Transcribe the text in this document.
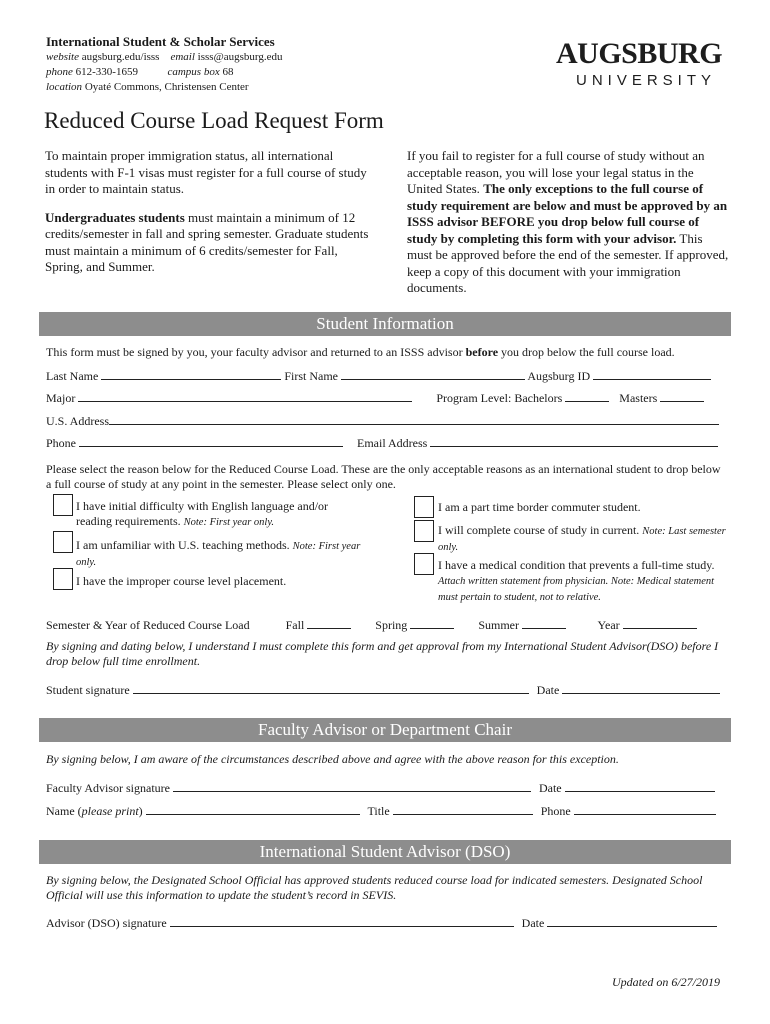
International Student & Scholar Services
website augsburg.edu/isss email isss@augsburg.edu
phone 612-330-1659	campus box 68
location Oyaté Commons, Christensen Center
AUGSBURG
UNIVERSITY
Reduced Course Load Request Form
To maintain proper immigration status, all international students with F-1 visas must register for a full course of study in order to maintain status.
Undergraduates students must maintain a minimum of 12 credits/semester in fall and spring semester. Graduate students must maintain a minimum of 6 credits/semester for Fall, Spring, and Summer.
If you fail to register for a full course of study without an acceptable reason, you will lose your legal status in the United States. The only exceptions to the full course of study requirement are below and must be approved by an ISSS advisor BEFORE you drop below full course of study by completing this form with your advisor. This must be approved before the end of the semester. If approved, keep a copy of this document with your immigration documents.
Student Information
This form must be signed by you, your faculty advisor and returned to an ISSS advisor before you drop below the full course load.
Last Name	First Name	Augsburg ID
Major	Program Level: Bachelors	Masters
U.S. Address
Phone	Email Address
Please select the reason below for the Reduced Course Load. These are the only acceptable reasons as an international student to drop below a full course of study at any point in the semester. Please select only one.
I have initial difficulty with English language and/or reading requirements. Note: First year only.
I am unfamiliar with U.S. teaching methods. Note: First year only.
I have the improper course level placement.
I am a part time border commuter student.
I will complete course of study in current. Note: Last semester only.
I have a medical condition that prevents a full-time study. Attach written statement from physician. Note: Medical statement must pertain to student, not to relative.
Semester & Year of Reduced Course Load	Fall	Spring	Summer	Year
By signing and dating below, I understand I must complete this form and get approval from my International Student Advisor(DSO) before I drop below full time enrollment.
Student signature	Date
Faculty Advisor or Department Chair
By signing below, I am aware of the circumstances described above and agree with the above reason for this exception.
Faculty Advisor signature	Date
Name (please print)	Title	Phone
International Student Advisor (DSO)
By signing below, the Designated School Official has approved students reduced course load for indicated semesters. Designated School Official will use this information to update the student’s record in SEVIS.
Advisor (DSO) signature	Date
Updated on 6/27/2019
